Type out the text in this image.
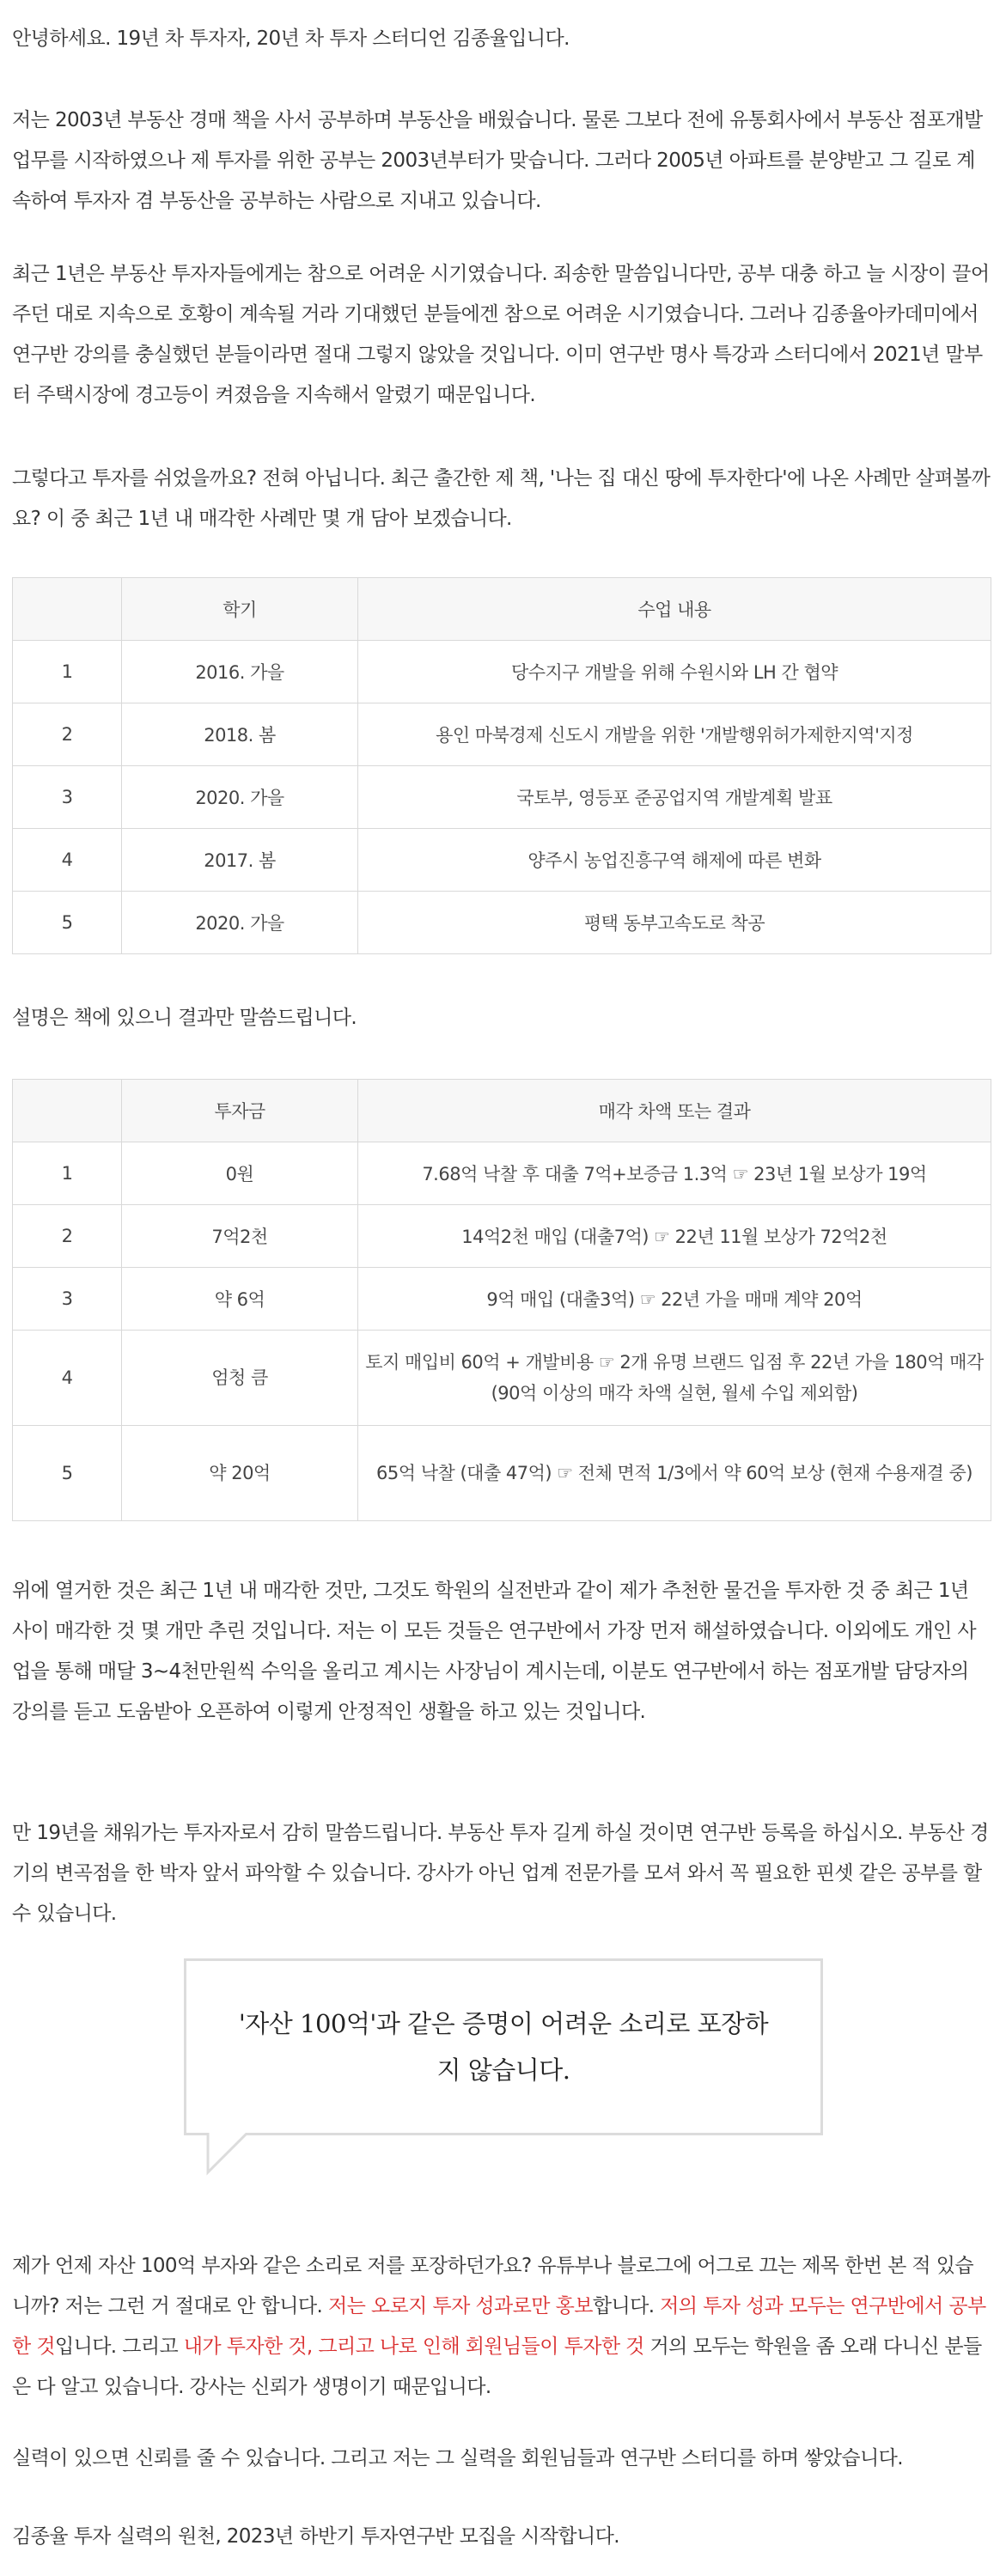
안녕하세요. 19년 차 투자자, 20년 차 투자 스터디언 김종율입니다.

저는 2003년 부동산 경매 책을 사서 공부하며 부동산을 배웠습니다. 물론 그보다 전에 유통회사에서 부동산 점포개발 업무를 시작하였으나 제 투자를 위한 공부는 2003년부터가 맞습니다. 그러다 2005년 아파트를 분양받고 그 길로 계속하여 투자자 겸 부동산을 공부하는 사람으로 지내고 있습니다.

최근 1년은 부동산 투자자들에게는 참으로 어려운 시기였습니다. 죄송한 말씀입니다만, 공부 대충 하고 늘 시장이 끌어주던 대로 지속으로 호황이 계속될 거라 기대했던 분들에겐 참으로 어려운 시기였습니다. 그러나 김종율아카데미에서 연구반 강의를 충실했던 분들이라면 절대 그렇지 않았을 것입니다. 이미 연구반 명사 특강과 스터디에서 2021년 말부터 주택시장에 경고등이 켜졌음을 지속해서 알렸기 때문입니다.

그렇다고 투자를 쉬었을까요? 전혀 아닙니다. 최근 출간한 제 책, '나는 집 대신 땅에 투자한다'에 나온 사례만 살펴볼까요? 이 중 최근 1년 내 매각한 사례만 몇 개 담아 보겠습니다.

	학기	수업 내용
1	2016. 가을	당수지구 개발을 위해 수원시와 LH 간 협약
2	2018. 봄	용인 마북경제 신도시 개발을 위한 '개발행위허가제한지역'지정
3	2020. 가을	국토부, 영등포 준공업지역 개발계획 발표
4	2017. 봄	양주시 농업진흥구역 해제에 따른 변화
5	2020. 가을	평택 동부고속도로 착공

설명은 책에 있으니 결과만 말씀드립니다.

	투자금	매각 차액 또는 결과
1	0원	7.68억 낙찰 후 대출 7억+보증금 1.3억 ☞ 23년 1월 보상가 19억
2	7억2천	14억2천 매입 (대출7억) ☞ 22년 11월 보상가 72억2천
3	약 6억	9억 매입 (대출3억) ☞ 22년 가을 매매 계약 20억
4	엄청 큼	토지 매입비 60억 + 개발비용 ☞ 2개 유명 브랜드 입점 후 22년 가을 180억 매각 (90억 이상의 매각 차액 실현, 월세 수입 제외함)
5	약 20억	65억 낙찰 (대출 47억) ☞ 전체 면적 1/3에서 약 60억 보상 (현재 수용재결 중)

위에 열거한 것은 최근 1년 내 매각한 것만, 그것도 학원의 실전반과 같이 제가 추천한 물건을 투자한 것 중 최근 1년 사이 매각한 것 몇 개만 추린 것입니다. 저는 이 모든 것들은 연구반에서 가장 먼저 해설하였습니다. 이외에도 개인 사업을 통해 매달 3~4천만원씩 수익을 올리고 계시는 사장님이 계시는데, 이분도 연구반에서 하는 점포개발 담당자의 강의를 듣고 도움받아 오픈하여 이렇게 안정적인 생활을 하고 있는 것입니다.

만 19년을 채워가는 투자자로서 감히 말씀드립니다. 부동산 투자 길게 하실 것이면 연구반 등록을 하십시오. 부동산 경기의 변곡점을 한 박자 앞서 파악할 수 있습니다. 강사가 아닌 업계 전문가를 모셔 와서 꼭 필요한 핀셋 같은 공부를 할 수 있습니다.

'자산 100억'과 같은 증명이 어려운 소리로 포장하지 않습니다.

제가 언제 자산 100억 부자와 같은 소리로 저를 포장하던가요? 유튜부나 블로그에 어그로 끄는 제목 한번 본 적 있습니까? 저는 그런 거 절대로 안 합니다. 저는 오로지 투자 성과로만 홍보합니다. 저의 투자 성과 모두는 연구반에서 공부한 것입니다. 그리고 내가 투자한 것, 그리고 나로 인해 회원님들이 투자한 것 거의 모두는 학원을 좀 오래 다니신 분들은 다 알고 있습니다. 강사는 신뢰가 생명이기 때문입니다.

실력이 있으면 신뢰를 줄 수 있습니다. 그리고 저는 그 실력을 회원님들과 연구반 스터디를 하며 쌓았습니다.

김종율 투자 실력의 원천, 2023년 하반기 투자연구반 모집을 시작합니다.
